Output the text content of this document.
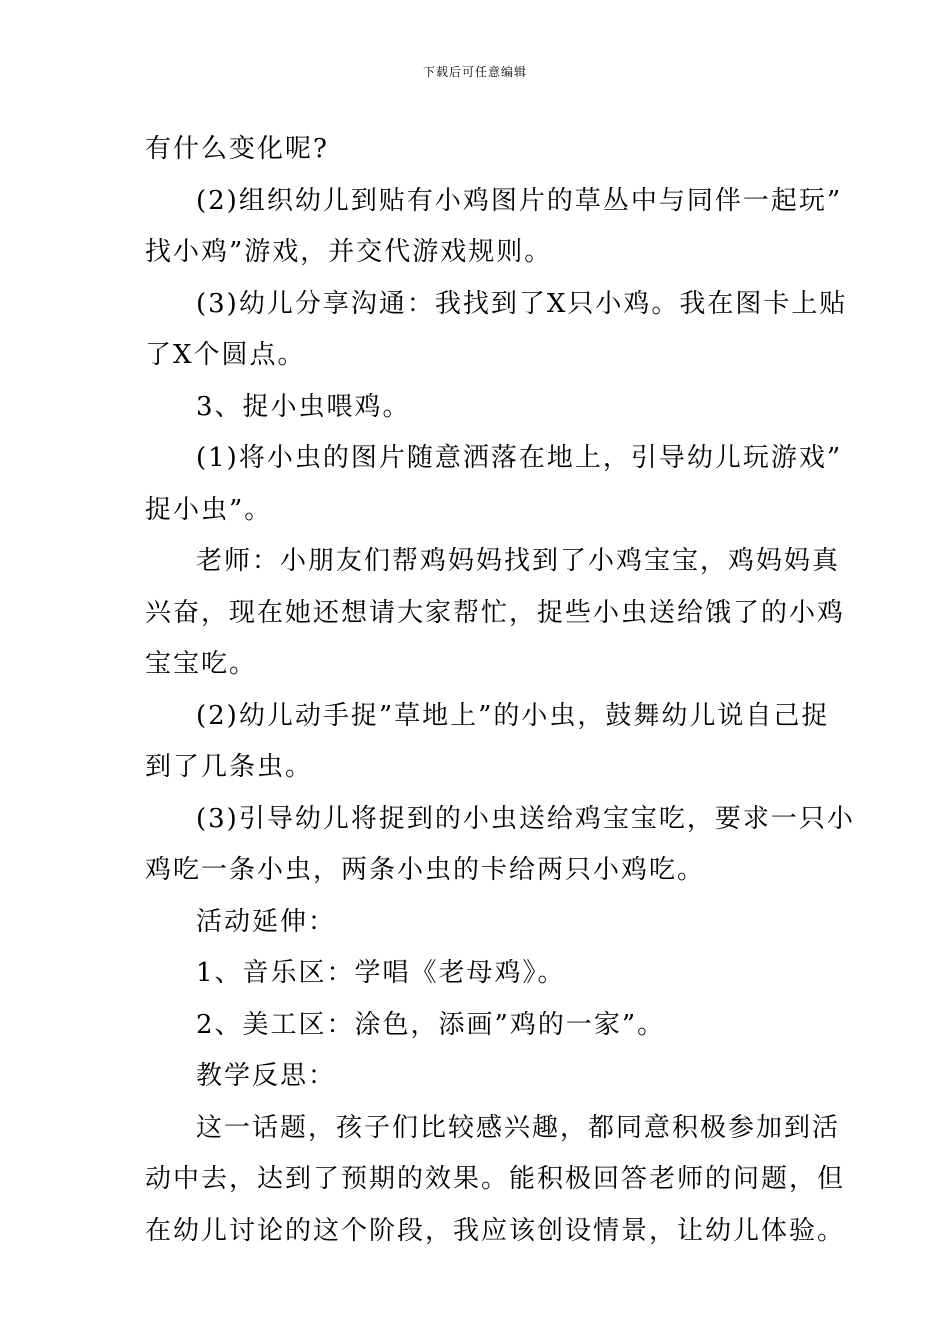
下载后可任意编辑
有什么变化呢?
(2)组织幼儿到贴有小鸡图片的草丛中与同伴一起玩”
找小鸡”游戏，并交代游戏规则。
(3)幼儿分享沟通：我找到了X只小鸡。我在图卡上贴
了X个圆点。
3、捉小虫喂鸡。
(1)将小虫的图片随意洒落在地上，引导幼儿玩游戏”
捉小虫”。
老师：小朋友们帮鸡妈妈找到了小鸡宝宝，鸡妈妈真
兴奋，现在她还想请大家帮忙，捉些小虫送给饿了的小鸡
宝宝吃。
(2)幼儿动手捉”草地上”的小虫，鼓舞幼儿说自己捉
到了几条虫。
(3)引导幼儿将捉到的小虫送给鸡宝宝吃，要求一只小
鸡吃一条小虫，两条小虫的卡给两只小鸡吃。
活动延伸：
1、音乐区：学唱《老母鸡》。
2、美工区：涂色，添画”鸡的一家”。
教学反思：
这一话题，孩子们比较感兴趣，都同意积极参加到活
动中去，达到了预期的效果。能积极回答老师的问题，但
在幼儿讨论的这个阶段，我应该创设情景，让幼儿体验。
